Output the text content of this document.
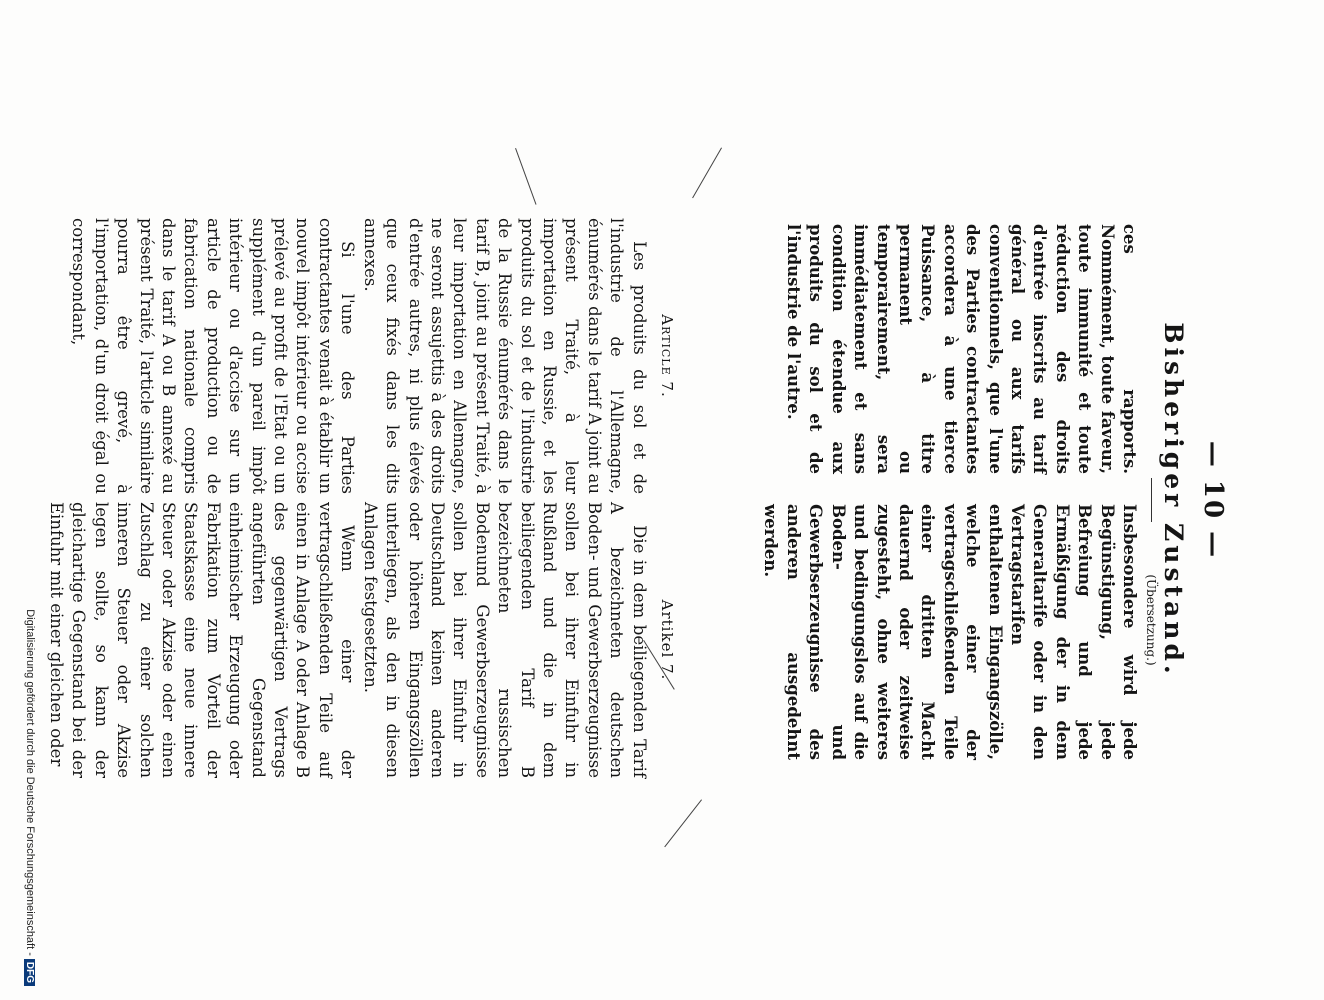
— 10 —
Bisheriger Zustand.
(Übersetzung.)

ces rapports. Nommément, toute faveur, toute immunité et toute réduction des droits d'entrée inscrits au tarif général ou aux tarifs conventionnels, que l'une des Parties contractantes accordera à une tierce Puissance, à titre permanent ou temporairement, sera immédiatement et sans condition étendue aux produits du sol et de l'industrie de l'autre.

Insbesondere wird jede Begünstigung, jede Befreiung und jede Ermäßigung der in dem Generaltarife oder in den Vertragstarifen enthaltenen Eingangszölle, welche einer der vertragschließenden Teile einer dritten Macht dauernd oder zeitweise zugesteht, ohne weiteres und bedingungslos auf die Boden- und Gewerbserzeugnisse des anderen ausgedehnt werden.

Article 7.

Les produits du sol et de l'industrie de l'Allemagne, énumérés dans le tarif A joint au présent Traité, à leur importation en Russie, et les produits du sol et de l'industrie de la Russie énumérés dans le tarif B, joint au présent Traité, à leur importation en Allemagne, ne seront assujettis à des droits d'entrée autres, ni plus élevés que ceux fixés dans les dits annexes.

Si l'une des Parties contractantes venait à établir un nouvel impôt intérieur ou accise prélevé au profit de l'Etat ou un supplément d'un pareil impôt intérieur ou d'accise sur un article de production ou de fabrication nationale compris dans le tarif A ou B annexé au présent Traité, l'article similaire pourra être grevé, à l'importation, d'un droit égal ou correspondant,

Artikel 7.

Die in dem beiliegenden Tarif A bezeichneten deutschen Boden- und Gewerbserzeugnisse sollen bei ihrer Einfuhr in Rußland und die in dem beiliegenden Tarif B bezeichneten russischen Bodenund Gewerbserzeugnisse sollen bei ihrer Einfuhr in Deutschland keinen anderen oder höheren Eingangszöllen unterliegen, als den in diesen Anlagen festgesetzten.

Wenn einer der vertragschließenden Teile auf einen in Anlage A oder Anlage B des gegenwärtigen Vertrags angeführten Gegenstand einheimischer Erzeugung oder Fabrikation zum Vorteil der Staatskasse eine neue innere Steuer oder Akzise oder einen Zuschlag zu einer solchen inneren Steuer oder Akzise legen sollte, so kann der gleichartige Gegenstand bei der Einfuhr mit einer gleichen oder

Digitalisierung gefördert durch die Deutsche Forschungsgemeinschaft -DFG
